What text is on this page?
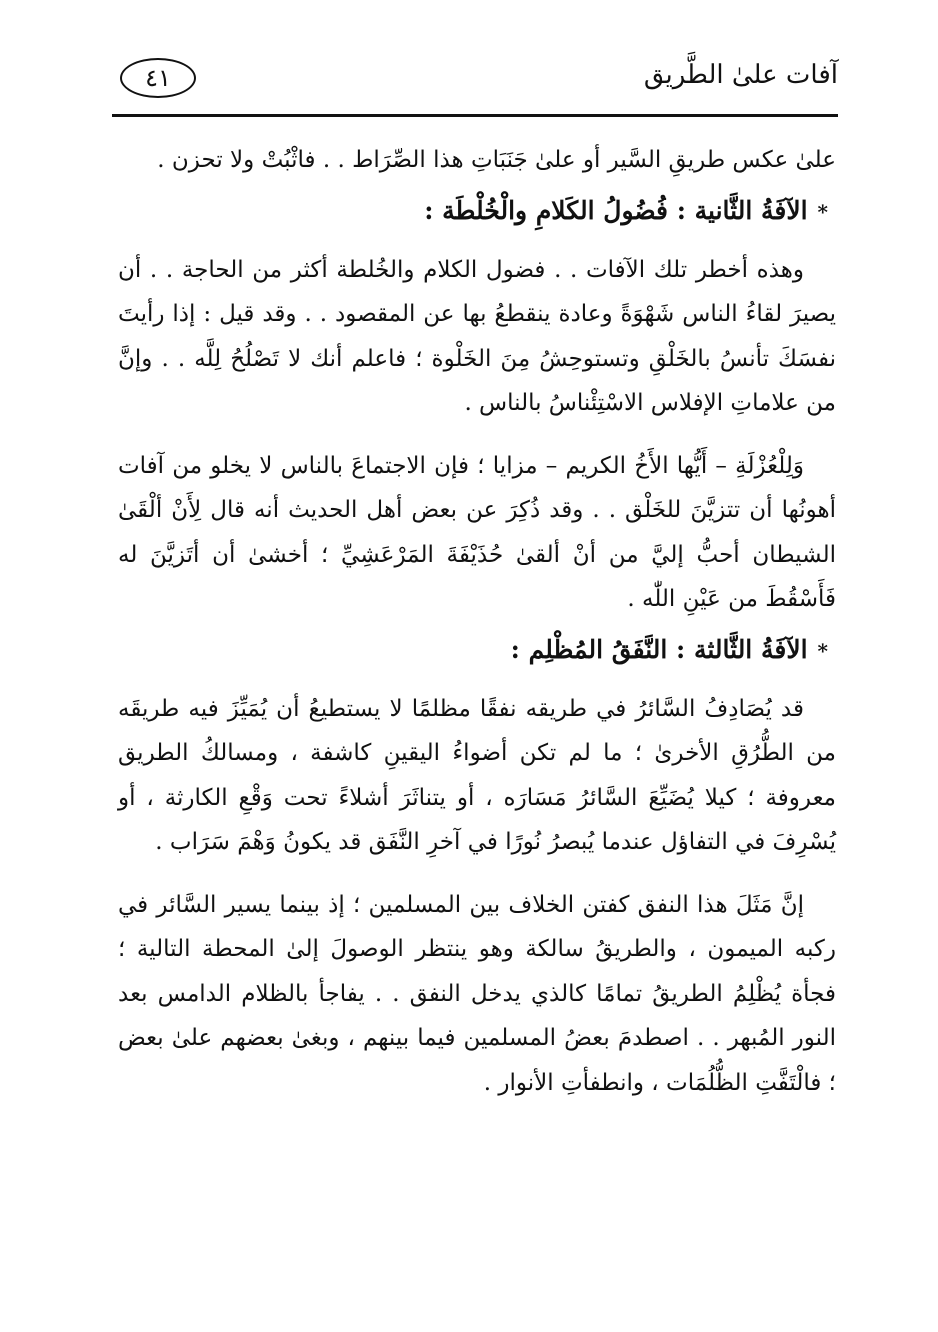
آفات علىٰ الطَّريق
٤١

علىٰ عكس طريقِ السَّير أو علىٰ جَنَبَاتِ هذا الصِّرَاط . . فاثْبُتْ ولا تحزن .

*الآفَةُ الثَّانية : فُضُولُ الكَلامِ والْخُلْطَة :

وهذه أخطر تلك الآفات . . فضول الكلام والخُلطة أكثر من الحاجة . . أن يصيرَ لقاءُ الناس شَهْوَةً وعادة ينقطعُ بها عن المقصود . . وقد قيل : إذا رأيتَ نفسَكَ تأنسُ بالخَلْقِ وتستوحِشُ مِنَ الخَلْوة ؛ فاعلم أنك لا تَصْلُحُ لِلَّه . . وإنَّ من علاماتِ الإفلاس الاسْتِئْناسُ بالناس .

وَلِلْعُزْلَةِ – أَيُّها الأَخُ الكريم – مزايا ؛ فإن الاجتماعَ بالناس لا يخلو من آفات أهونُها أن تتزيَّنَ للخَلْق . . وقد ذُكِرَ عن بعض أهل الحديث أنه قال لِأَنْ ألْقَىٰ الشيطان أحبُّ إليَّ من أنْ ألقىٰ حُذَيْفَةَ المَرْعَشِيِّ ؛ أخشىٰ أن أتَزيَّنَ له فَأَسْقُطَ من عَيْنِ اللّٰه .

*الآفَةُ الثَّالثة : النَّفَقُ المُظْلِم :

قد يُصَادِفُ السَّائرُ في طريقه نفقًا مظلمًا لا يستطيعُ أن يُمَيِّزَ فيه طريقَه من الطُّرُقِ الأخرىٰ ؛ ما لم تكن أضواءُ اليقينِ كاشفة ، ومسالكُ الطريق معروفة ؛ كيلا يُضَيِّعَ السَّائرُ مَسَارَه ، أو يتناثَرَ أشلاءً تحت وَقْعِ الكارثة ، أو يُسْرِفَ في التفاؤل عندما يُبصرُ نُورًا في آخرِ النَّفَق قد يكونُ وَهْمَ سَرَاب .

إنَّ مَثَلَ هذا النفق كفتن الخلاف بين المسلمين ؛ إذ بينما يسير السَّائر في ركبه الميمون ، والطريقُ سالكة وهو ينتظر الوصولَ إلىٰ المحطة التالية ؛ فجأة يُظْلِمُ الطريقُ تمامًا كالذي يدخل النفق . . يفاجأ بالظلام الدامس بعد النور المُبهر . . اصطدمَ بعضُ المسلمين فيما بينهم ، وبغىٰ بعضهم علىٰ بعض ؛ فالْتَفَّتِ الظُّلُمَات ، وانطفأتِ الأنوار .
